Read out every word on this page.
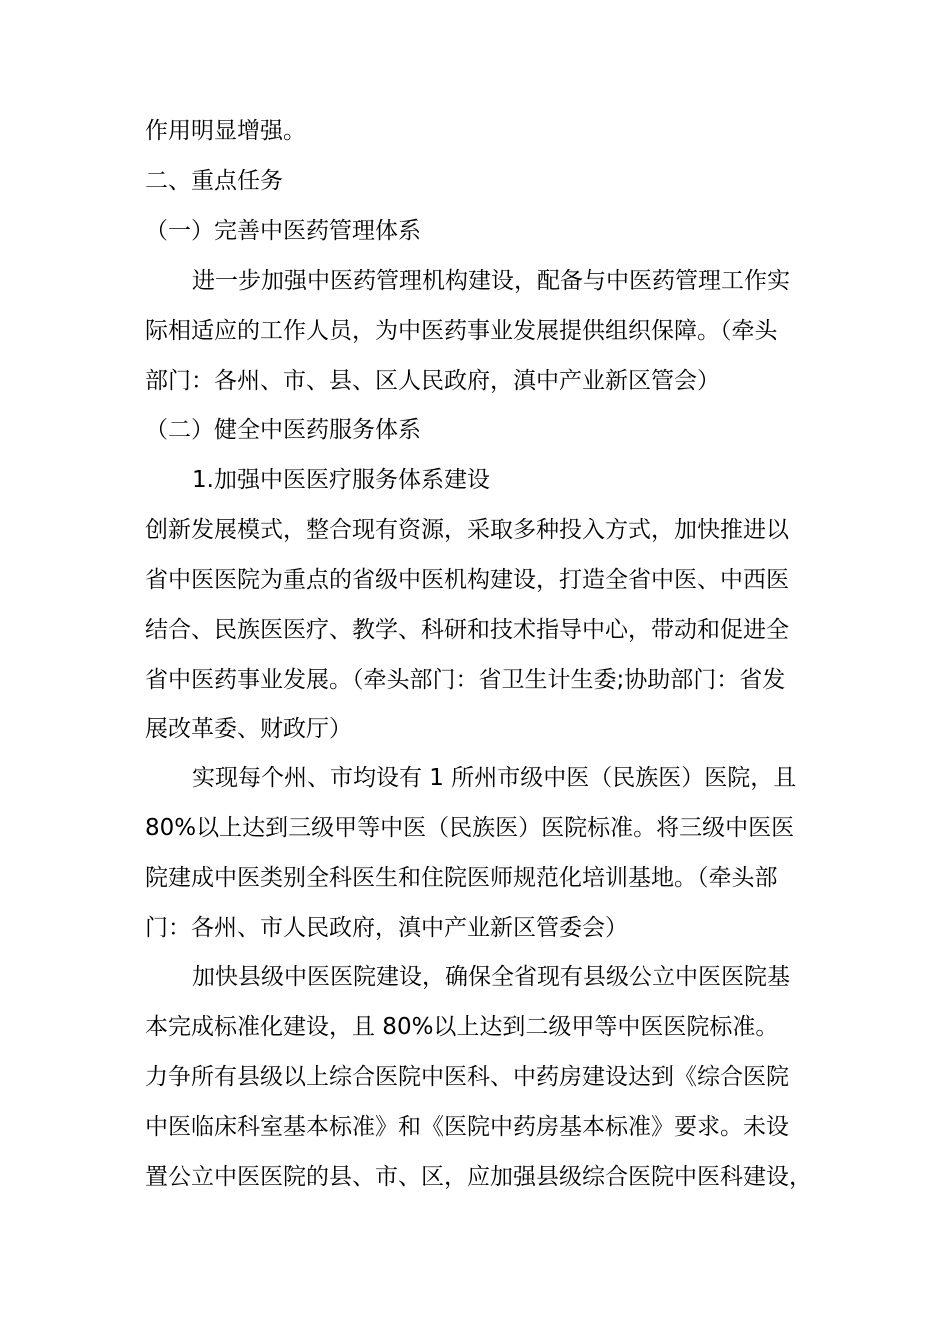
作用明显增强。
二、重点任务
（一）完善中医药管理体系
进一步加强中医药管理机构建设，配备与中医药管理工作实
际相适应的工作人员，为中医药事业发展提供组织保障。（牵头
部门：各州、市、县、区人民政府，滇中产业新区管会）
（二）健全中医药服务体系
1.加强中医医疗服务体系建设
创新发展模式，整合现有资源，采取多种投入方式，加快推进以
省中医医院为重点的省级中医机构建设，打造全省中医、中西医
结合、民族医医疗、教学、科研和技术指导中心，带动和促进全
省中医药事业发展。（牵头部门：省卫生计生委;协助部门：省发
展改革委、财政厅）
实现每个州、市均设有 1 所州市级中医（民族医）医院，且
80%以上达到三级甲等中医（民族医）医院标准。将三级中医医
院建成中医类别全科医生和住院医师规范化培训基地。（牵头部
门：各州、市人民政府，滇中产业新区管委会）
加快县级中医医院建设，确保全省现有县级公立中医医院基
本完成标准化建设，且 80%以上达到二级甲等中医医院标准。
力争所有县级以上综合医院中医科、中药房建设达到《综合医院
中医临床科室基本标准》和《医院中药房基本标准》要求。未设
置公立中医医院的县、市、区，应加强县级综合医院中医科建设，
